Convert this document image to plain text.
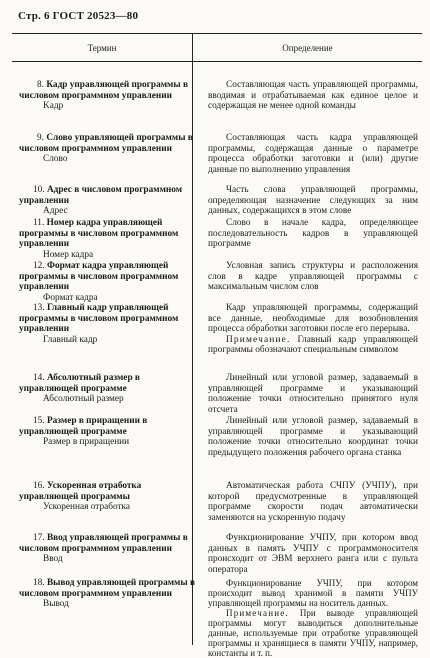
Стр. 6 ГОСТ 20523—80
Термин	Определение
8. Кадр управляющей программы в числовом программном управлении
Kадр

Составляющая часть управляющей программы, вводимая и отрабатываемая как единое целое и содержащая не менее одной команды

9. Слово управляющей программы в числовом программном управлении
Слово

Составляющая часть кадра управляющей программы, содержащая данные о параметре процесса обработки заготовки и (или) другие данные по выполнению управления

10. Адрес в числовом программном управлении
Адрес

Часть слова управляющей программы, определяющая назначение следующих за ним данных, содержащихся в этом слове

11. Номер кадра управляющей программы в числовом программном управлении
Номер кадра

Слово в начале кадра, определяющее последовательность кадров в управляющей программе

12. Формат кадра управляющей программы в числовом программном управлении
Формат кадра

Условная запись структуры и расположения слов в кадре управляющей программы с максимальным числом слов

13. Главный кадр управляющей программы в числовом программном управлении
Главный кадр

Кадр управляющей программы, содержащий все данные, необходимые для возобновления процесса обработки заготовки после его перерыва.

Примечание. Главный кадр управляющей программы обозначают специальным символом

14. Абсолютный размер в управляющей программе
Абсолютный размер

Линейный или угловой размер, задаваемый в управляющей программе и указывающий положение точки относительно принятого нуля отсчета

15. Размер в приращении в управляющей программе
Размер в приращении

Линейный или угловой размер, задаваемый в управляющей программе и указывающий положение точки относительно координат точки предыдущего положения рабочего органа станка

16. Ускоренная отработка управляющей программы
Ускоренная отработка

Автоматическая работа СЧПУ (УЧПУ), при которой предусмотренные в управляющей программе скорости подач автоматически заменяются на ускоренную подачу

17. Ввод управляющей программы в числовом программном управлении
Ввод

Функционирование УЧПУ, при котором ввод данных в память УЧПУ с программоносителя происходит от ЭВМ верхнего ранга или с пульта оператора

18. Вывод управляющей программы в числовом программном управлении
Вывод

Функционирование УЧПУ, при котором происходит вывод хранимой в памяти УЧПУ управляющей программы на носитель данных.

Примечание. При выводе управляющей программы могут выводиться дополнительные данные, используемые при отработке управляющей программы и хранящиеся в памяти УЧПУ, например, константы и т. п.
